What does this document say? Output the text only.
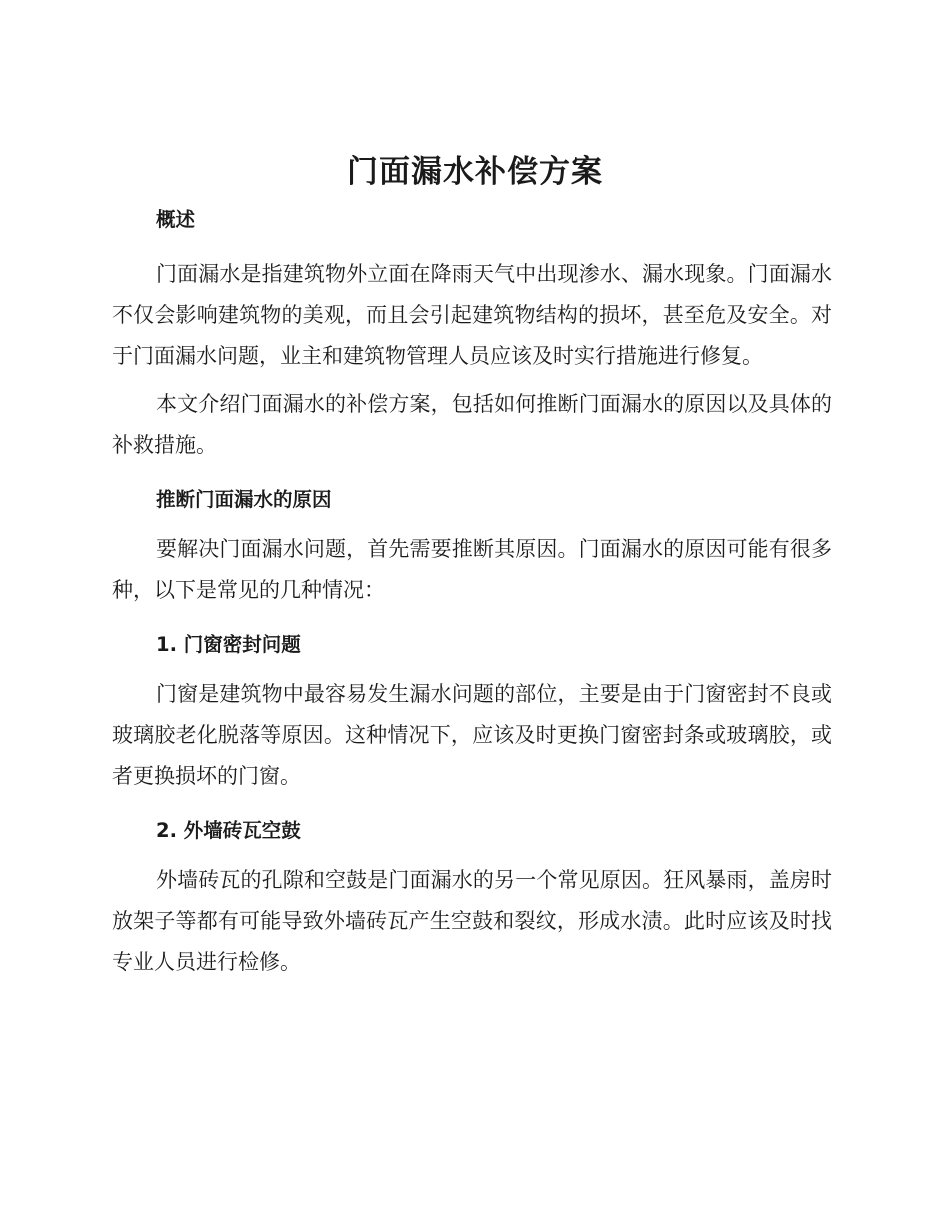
门面漏水补偿方案
概述

门面漏水是指建筑物外立面在降雨天气中出现渗水、漏水现象。门面漏水不仅会影响建筑物的美观，而且会引起建筑物结构的损坏，甚至危及安全。对于门面漏水问题，业主和建筑物管理人员应该及时实行措施进行修复。

本文介绍门面漏水的补偿方案，包括如何推断门面漏水的原因以及具体的补救措施。

推断门面漏水的原因

要解决门面漏水问题，首先需要推断其原因。门面漏水的原因可能有很多种，以下是常见的几种情况：

1. 门窗密封问题

门窗是建筑物中最容易发生漏水问题的部位，主要是由于门窗密封不良或玻璃胶老化脱落等原因。这种情况下，应该及时更换门窗密封条或玻璃胶，或者更换损坏的门窗。

2. 外墙砖瓦空鼓

外墙砖瓦的孔隙和空鼓是门面漏水的另一个常见原因。狂风暴雨，盖房时放架子等都有可能导致外墙砖瓦产生空鼓和裂纹，形成水渍。此时应该及时找专业人员进行检修。
